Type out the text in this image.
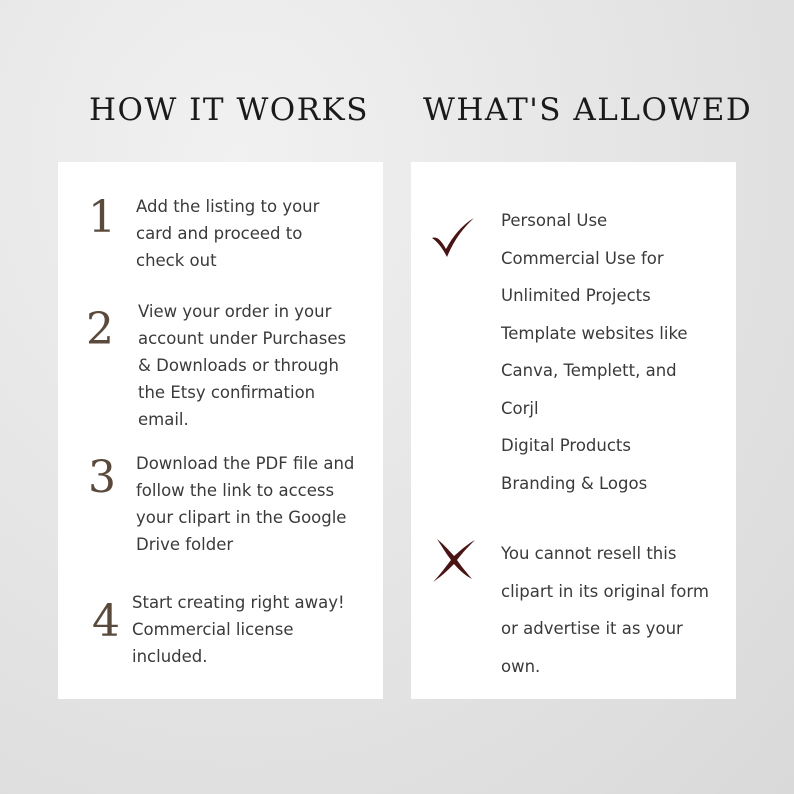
HOW IT WORKS WHAT'S ALLOWED
1 Add the listing to your card and proceed to check out
2 View your order in your account under Purchases & Downloads or through the Etsy confirmation email.
3 Download the PDF file and follow the link to access your clipart in the Google Drive folder
4 Start creating right away! Commercial license included.
Personal Use
Commercial Use for
Unlimited Projects
Template websites like
Canva, Templett, and
Corjl
Digital Products
Branding & Logos
You cannot resell this clipart in its original form or advertise it as your own.
